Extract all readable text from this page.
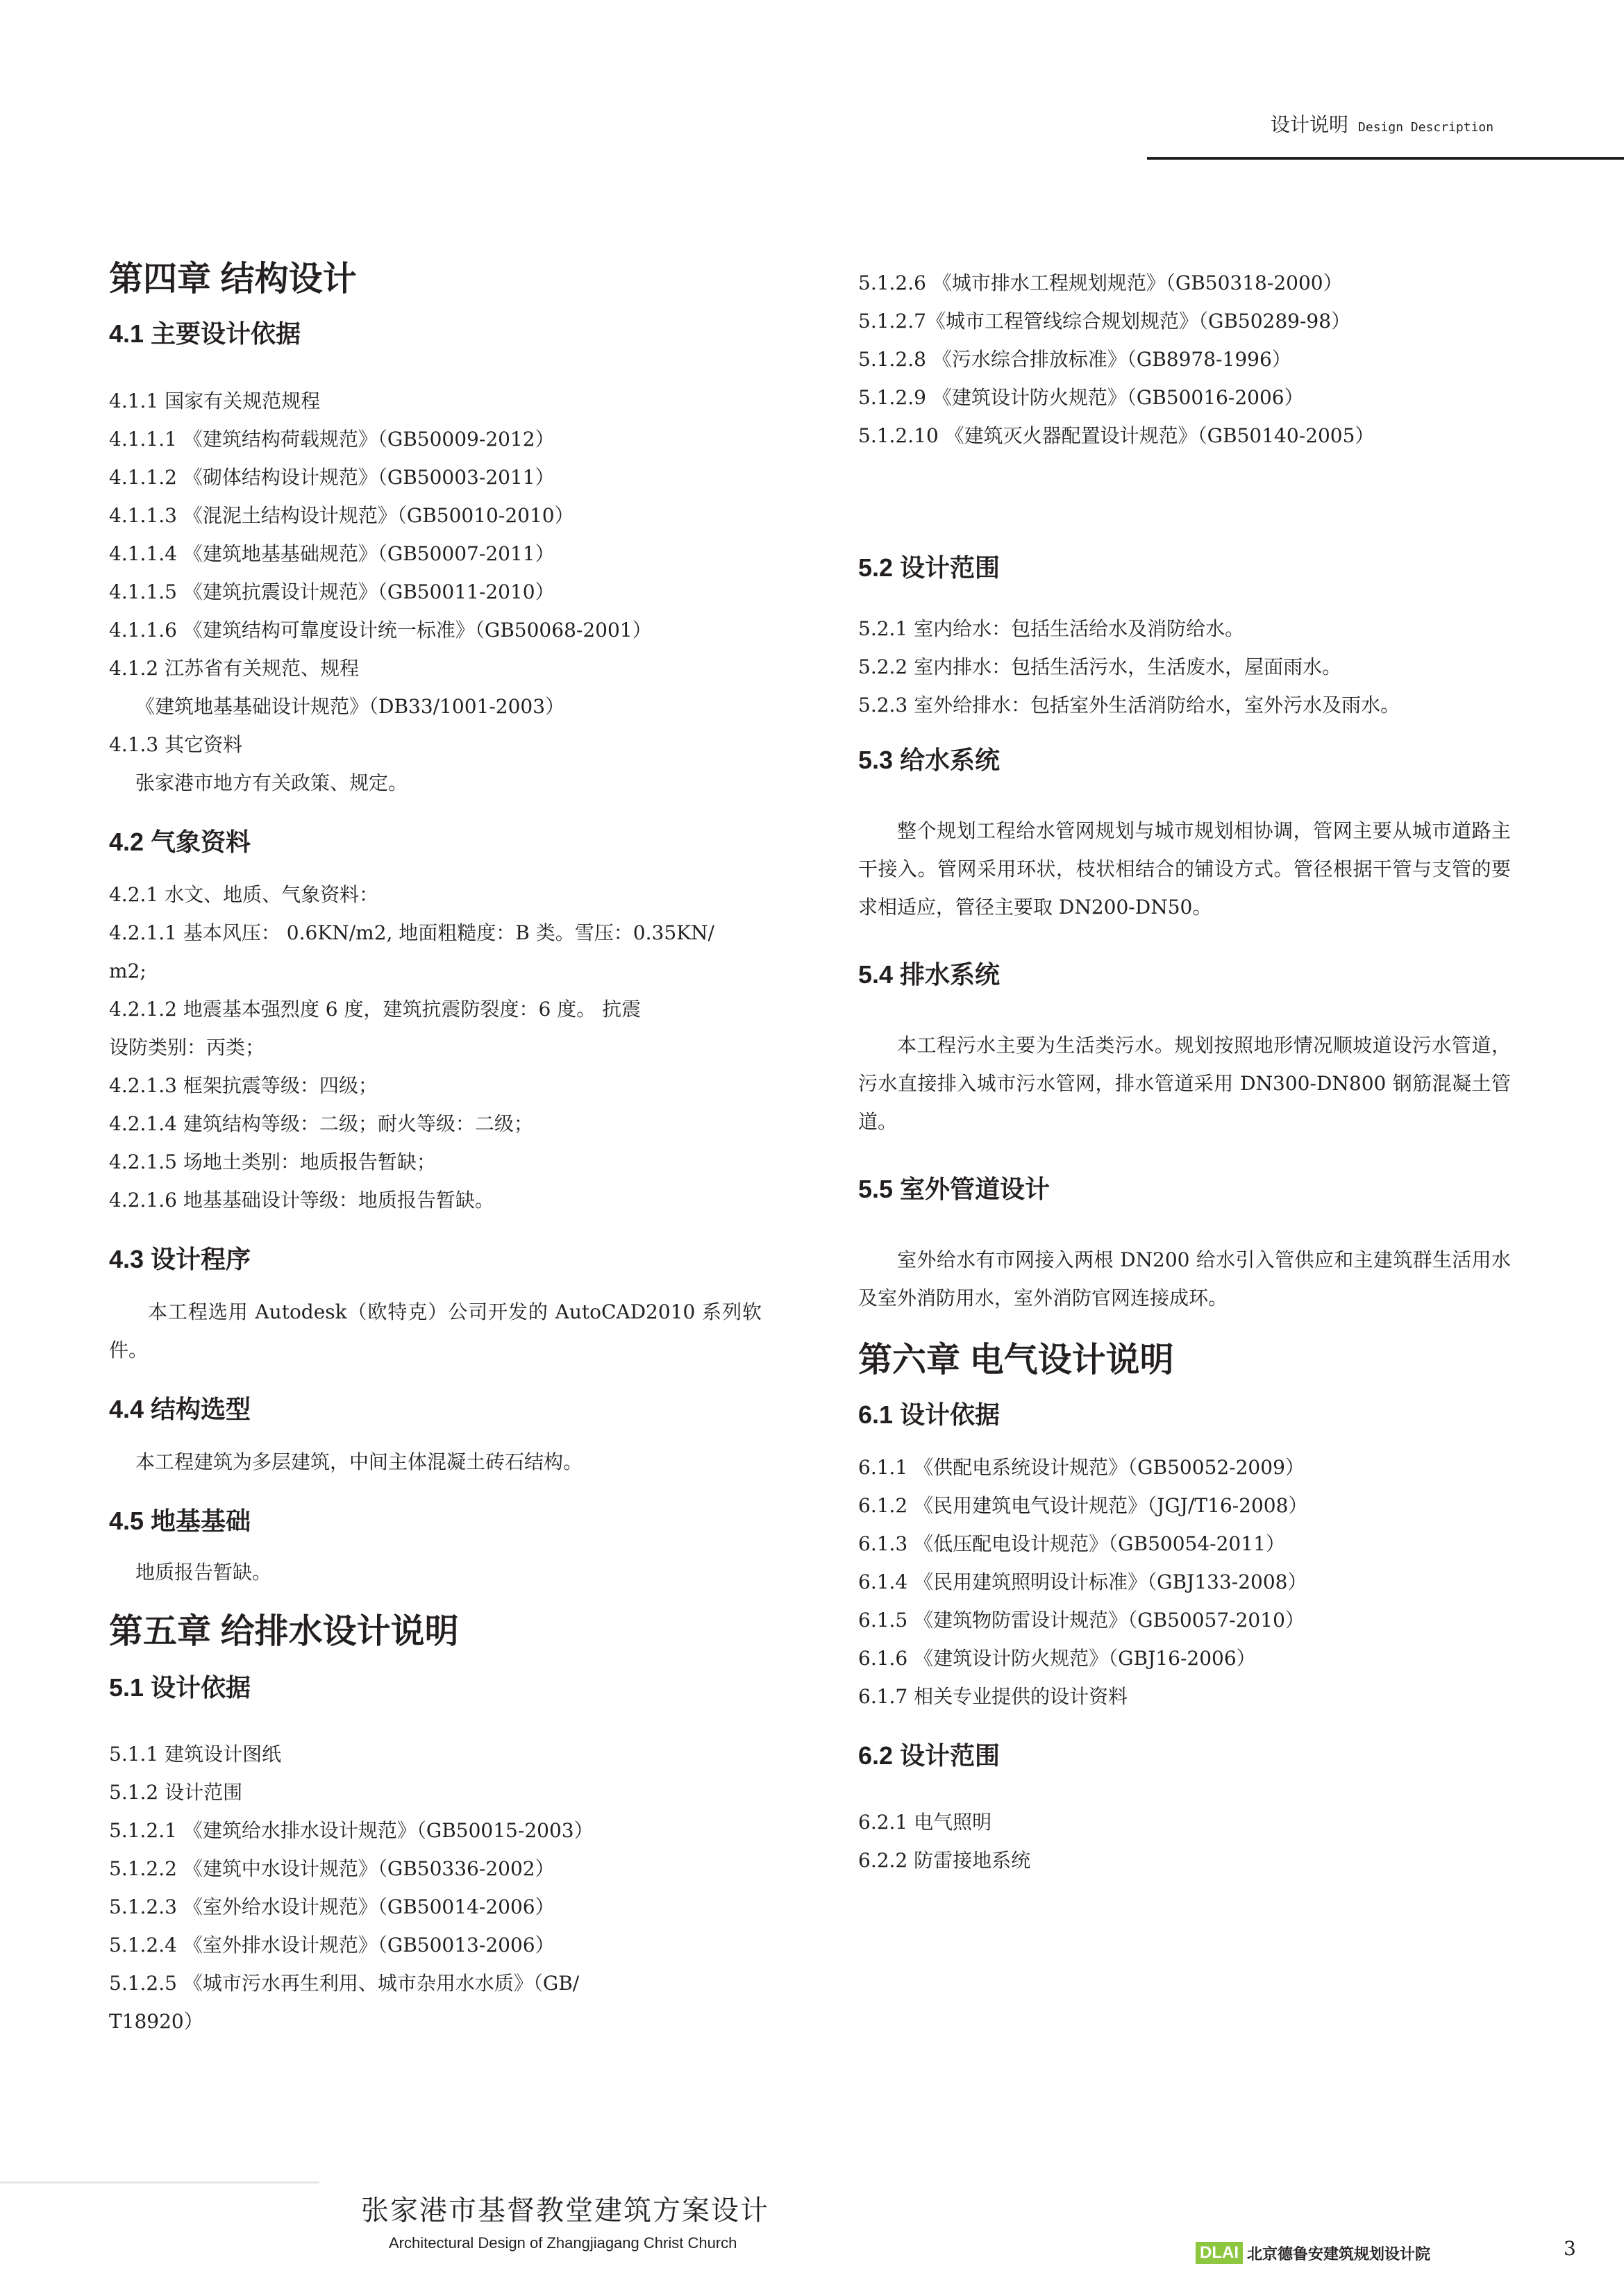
设计说明 Design Description
第四章 结构设计
4.1 主要设计依据

4.1.1 国家有关规范规程

4.1.1.1 《建筑结构荷载规范》（GB50009-2012）

4.1.1.2 《砌体结构设计规范》（GB50003-2011）

4.1.1.3 《混泥土结构设计规范》（GB50010-2010）

4.1.1.4 《建筑地基基础规范》（GB50007-2011）

4.1.1.5 《建筑抗震设计规范》（GB50011-2010）

4.1.1.6 《建筑结构可靠度设计统一标准》（GB50068-2001）

4.1.2 江苏省有关规范、规程

《建筑地基基础设计规范》（DB33/1001-2003）

4.1.3 其它资料

张家港市地方有关政策、规定。

4.2 气象资料

4.2.1 水文、地质、气象资料：

4.2.1.1 基本风压： 0.6KN/m2, 地面粗糙度：B 类。雪压：0.35KN/

m2;

4.2.1.2 地震基本强烈度 6 度，建筑抗震防裂度：6 度。 抗震

设防类别：丙类；

4.2.1.3 框架抗震等级：四级；

4.2.1.4 建筑结构等级：二级；耐火等级：二级；

4.2.1.5 场地土类别：地质报告暂缺；

4.2.1.6 地基基础设计等级：地质报告暂缺。

4.3 设计程序

本工程选用 Autodesk（欧特克）公司开发的 AutoCAD2010 系列软件。

4.4 结构选型

本工程建筑为多层建筑，中间主体混凝土砖石结构。

4.5 地基基础

地质报告暂缺。

第五章 给排水设计说明
5.1 设计依据

5.1.1 建筑设计图纸

5.1.2 设计范围

5.1.2.1 《建筑给水排水设计规范》（GB50015-2003）

5.1.2.2 《建筑中水设计规范》（GB50336-2002）

5.1.2.3 《室外给水设计规范》（GB50014-2006）

5.1.2.4 《室外排水设计规范》（GB50013-2006）

5.1.2.5 《城市污水再生利用、城市杂用水水质》（GB/

T18920）

5.1.2.6 《城市排水工程规划规范》（GB50318-2000）

5.1.2.7《城市工程管线综合规划规范》（GB50289-98）

5.1.2.8 《污水综合排放标准》（GB8978-1996）

5.1.2.9 《建筑设计防火规范》（GB50016-2006）

5.1.2.10 《建筑灭火器配置设计规范》（GB50140-2005）

5.2 设计范围

5.2.1 室内给水：包括生活给水及消防给水。

5.2.2 室内排水：包括生活污水，生活废水，屋面雨水。

5.2.3 室外给排水：包括室外生活消防给水，室外污水及雨水。

5.3 给水系统

整个规划工程给水管网规划与城市规划相协调，管网主要从城市道路主干接入。管网采用环状，枝状相结合的铺设方式。管径根据干管与支管的要求相适应，管径主要取 DN200-DN50。

5.4 排水系统

本工程污水主要为生活类污水。规划按照地形情况顺坡道设污水管道，污水直接排入城市污水管网，排水管道采用 DN300-DN800 钢筋混凝土管道。

5.5 室外管道设计

室外给水有市网接入两根 DN200 给水引入管供应和主建筑群生活用水及室外消防用水，室外消防官网连接成环。

第六章 电气设计说明
6.1 设计依据

6.1.1 《供配电系统设计规范》（GB50052-2009）

6.1.2 《民用建筑电气设计规范》（JGJ/T16-2008）

6.1.3 《低压配电设计规范》（GB50054-2011）

6.1.4 《民用建筑照明设计标准》（GBJ133-2008）

6.1.5 《建筑物防雷设计规范》（GB50057-2010）

6.1.6 《建筑设计防火规范》（GBJ16-2006）

6.1.7 相关专业提供的设计资料

6.2 设计范围

6.2.1 电气照明

6.2.2 防雷接地系统

张家港市基督教堂建筑方案设计
Architectural Design of Zhangjiagang Christ Church
DLAI 北京德鲁安建筑规划设计院	3
